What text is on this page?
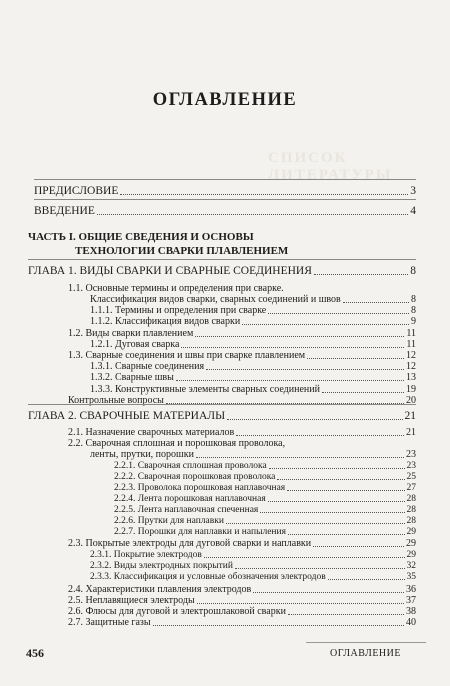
СПИСОК ЛИТЕРАТУРЫ
ОГЛАВЛЕНИЕ
ЧАСТЬ I. ОБЩИЕ СВЕДЕНИЯ И ОСНОВЫ
ТЕХНОЛОГИИ СВАРКИ ПЛАВЛЕНИЕМ
ПРЕДИСЛОВИЕ	3
ВВЕДЕНИЕ	4
ГЛАВА 1. ВИДЫ СВАРКИ И СВАРНЫЕ СОЕДИНЕНИЯ	8
1.1. Основные термины и определения при сварке.
Классификация видов сварки, сварных соединений и швов	8
1.1.1. Термины и определения при сварке	8
1.1.2. Классификация видов сварки	9
1.2. Виды сварки плавлением	11
1.2.1. Дуговая сварка	11
1.3. Сварные соединения и швы при сварке плавлением	12
1.3.1. Сварные соединения	12
1.3.2. Сварные швы	13
1.3.3. Конструктивные элементы сварных соединений	19
Контрольные вопросы	20
ГЛАВА 2. СВАРОЧНЫЕ МАТЕРИАЛЫ	21
2.1. Назначение сварочных материалов	21
2.2. Сварочная сплошная и порошковая проволока,
ленты, прутки, порошки	23
2.2.1. Сварочная сплошная проволока	23
2.2.2. Сварочная порошковая проволока	25
2.2.3. Проволока порошковая наплавочная	27
2.2.4. Лента порошковая наплавочная	28
2.2.5. Лента наплавочная спеченная	28
2.2.6. Прутки для наплавки	28
2.2.7. Порошки для наплавки и напыления	29
2.3. Покрытые электроды для дуговой сварки и наплавки	29
2.3.1. Покрытие электродов	29
2.3.2. Виды электродных покрытий	32
2.3.3. Классификация и условные обозначения электродов	35
2.4. Характеристики плавления электродов	36
2.5. Неплавящиеся электроды	37
2.6. Флюсы для дуговой и электрошлаковой сварки	38
2.7. Защитные газы	40
456	ОГЛАВЛЕНИЕ
